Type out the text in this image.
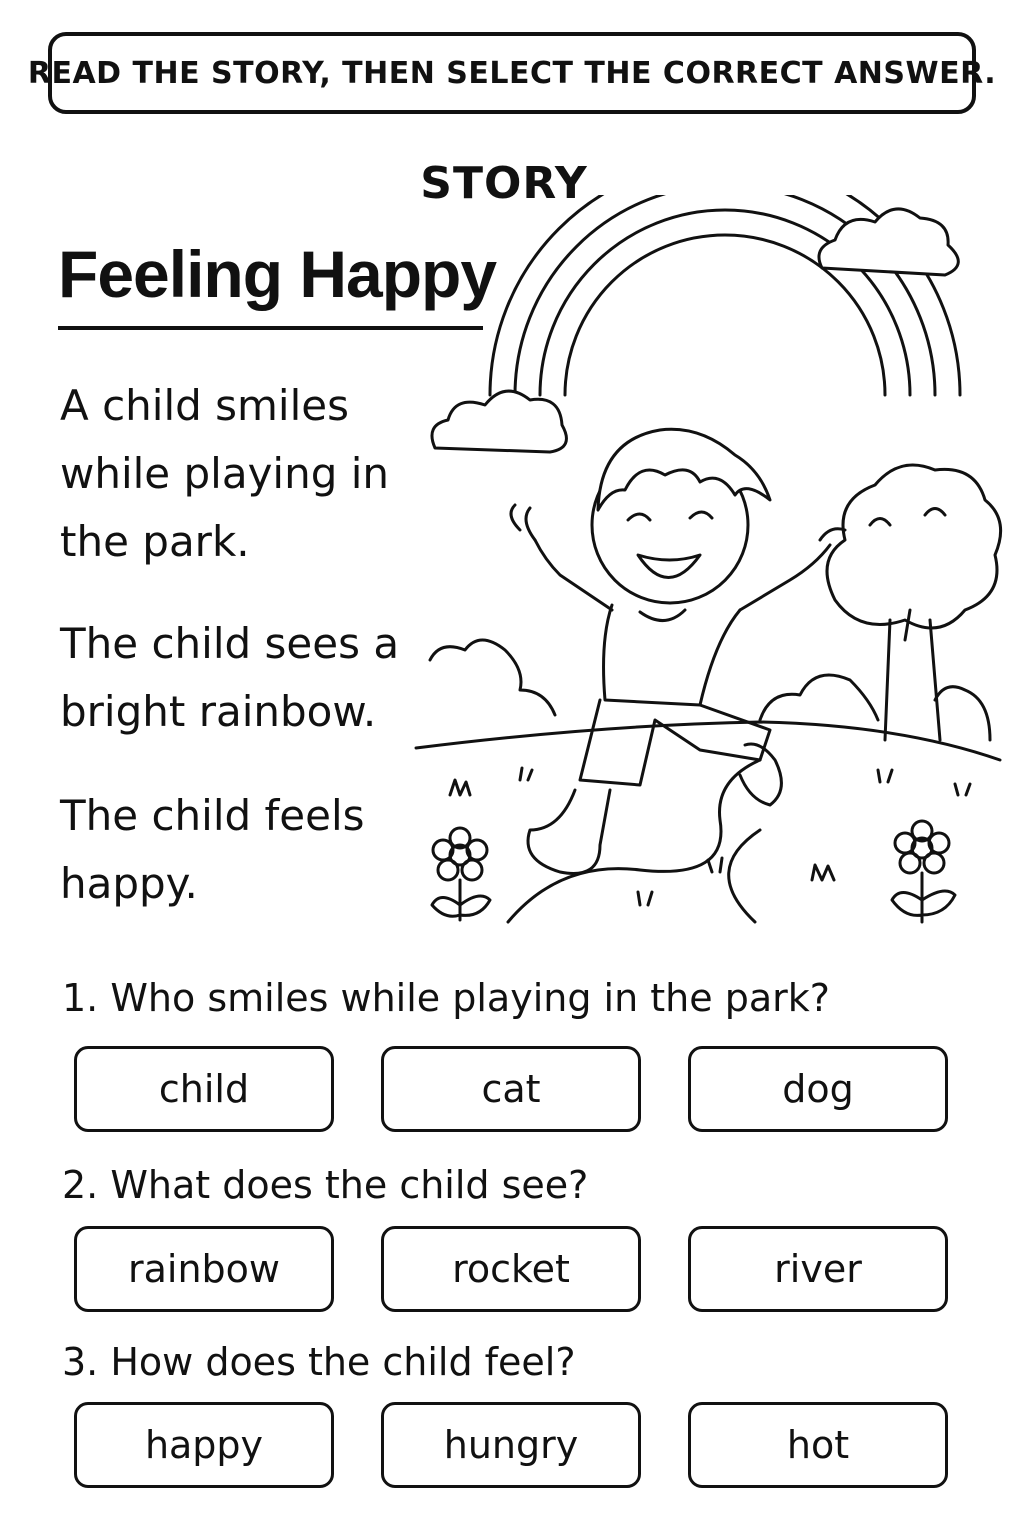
READ THE STORY, THEN SELECT THE CORRECT ANSWER.
STORY
Feeling Happy
A child smiles while playing in the park.
The child sees a bright rainbow.
The child feels happy.
1. Who smiles while playing in the park?
child	cat	dog
2. What does the child see?
rainbow	rocket	river
3. How does the child feel?
happy	hungry	hot
